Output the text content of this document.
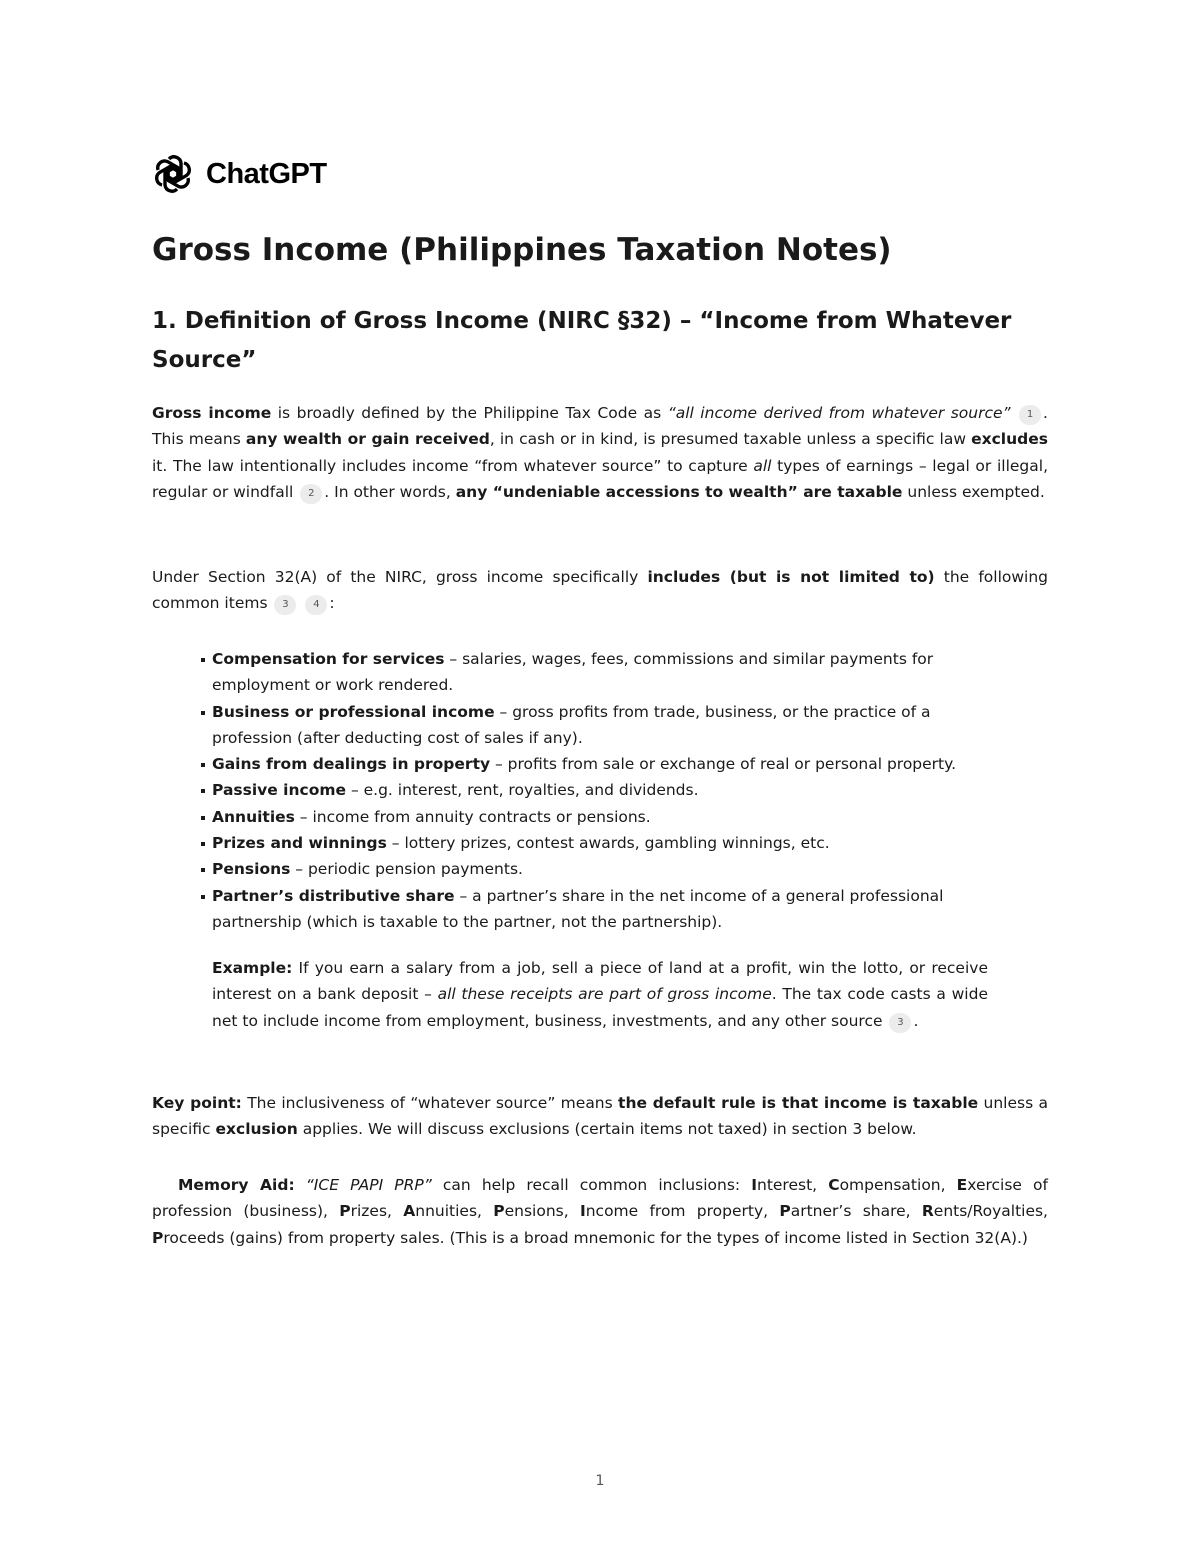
ChatGPT
Gross Income (Philippines Taxation Notes)
1. Definition of Gross Income (NIRC §32) – “Income from Whatever Source”

Gross income is broadly defined by the Philippine Tax Code as “all income derived from whatever source” 1 . This means any wealth or gain received, in cash or in kind, is presumed taxable unless a specific law excludes it. The law intentionally includes income “from whatever source” to capture all types of earnings – legal or illegal, regular or windfall 2 . In other words, any “undeniable accessions to wealth” are taxable unless exempted.

Under Section 32(A) of the NIRC, gross income specifically includes (but is not limited to) the following common items 3 4 :

Compensation for services – salaries, wages, fees, commissions and similar payments for employment or work rendered.
Business or professional income – gross profits from trade, business, or the practice of a profession (after deducting cost of sales if any).
Gains from dealings in property – profits from sale or exchange of real or personal property.
Passive income – e.g. interest, rent, royalties, and dividends.
Annuities – income from annuity contracts or pensions.
Prizes and winnings – lottery prizes, contest awards, gambling winnings, etc.
Pensions – periodic pension payments.
Partner’s distributive share – a partner’s share in the net income of a general professional partnership (which is taxable to the partner, not the partnership).

Example: If you earn a salary from a job, sell a piece of land at a profit, win the lotto, or receive interest on a bank deposit – all these receipts are part of gross income. The tax code casts a wide net to include income from employment, business, investments, and any other source 3 .

Key point: The inclusiveness of “whatever source” means the default rule is that income is taxable unless a specific exclusion applies. We will discuss exclusions (certain items not taxed) in section 3 below.

Memory Aid: “ICE PAPI PRP” can help recall common inclusions: Interest, Compensation, Exercise of profession (business), Prizes, Annuities, Pensions, Income from property, Partner’s share, Rents/Royalties, Proceeds (gains) from property sales. (This is a broad mnemonic for the types of income listed in Section 32(A).)

1
